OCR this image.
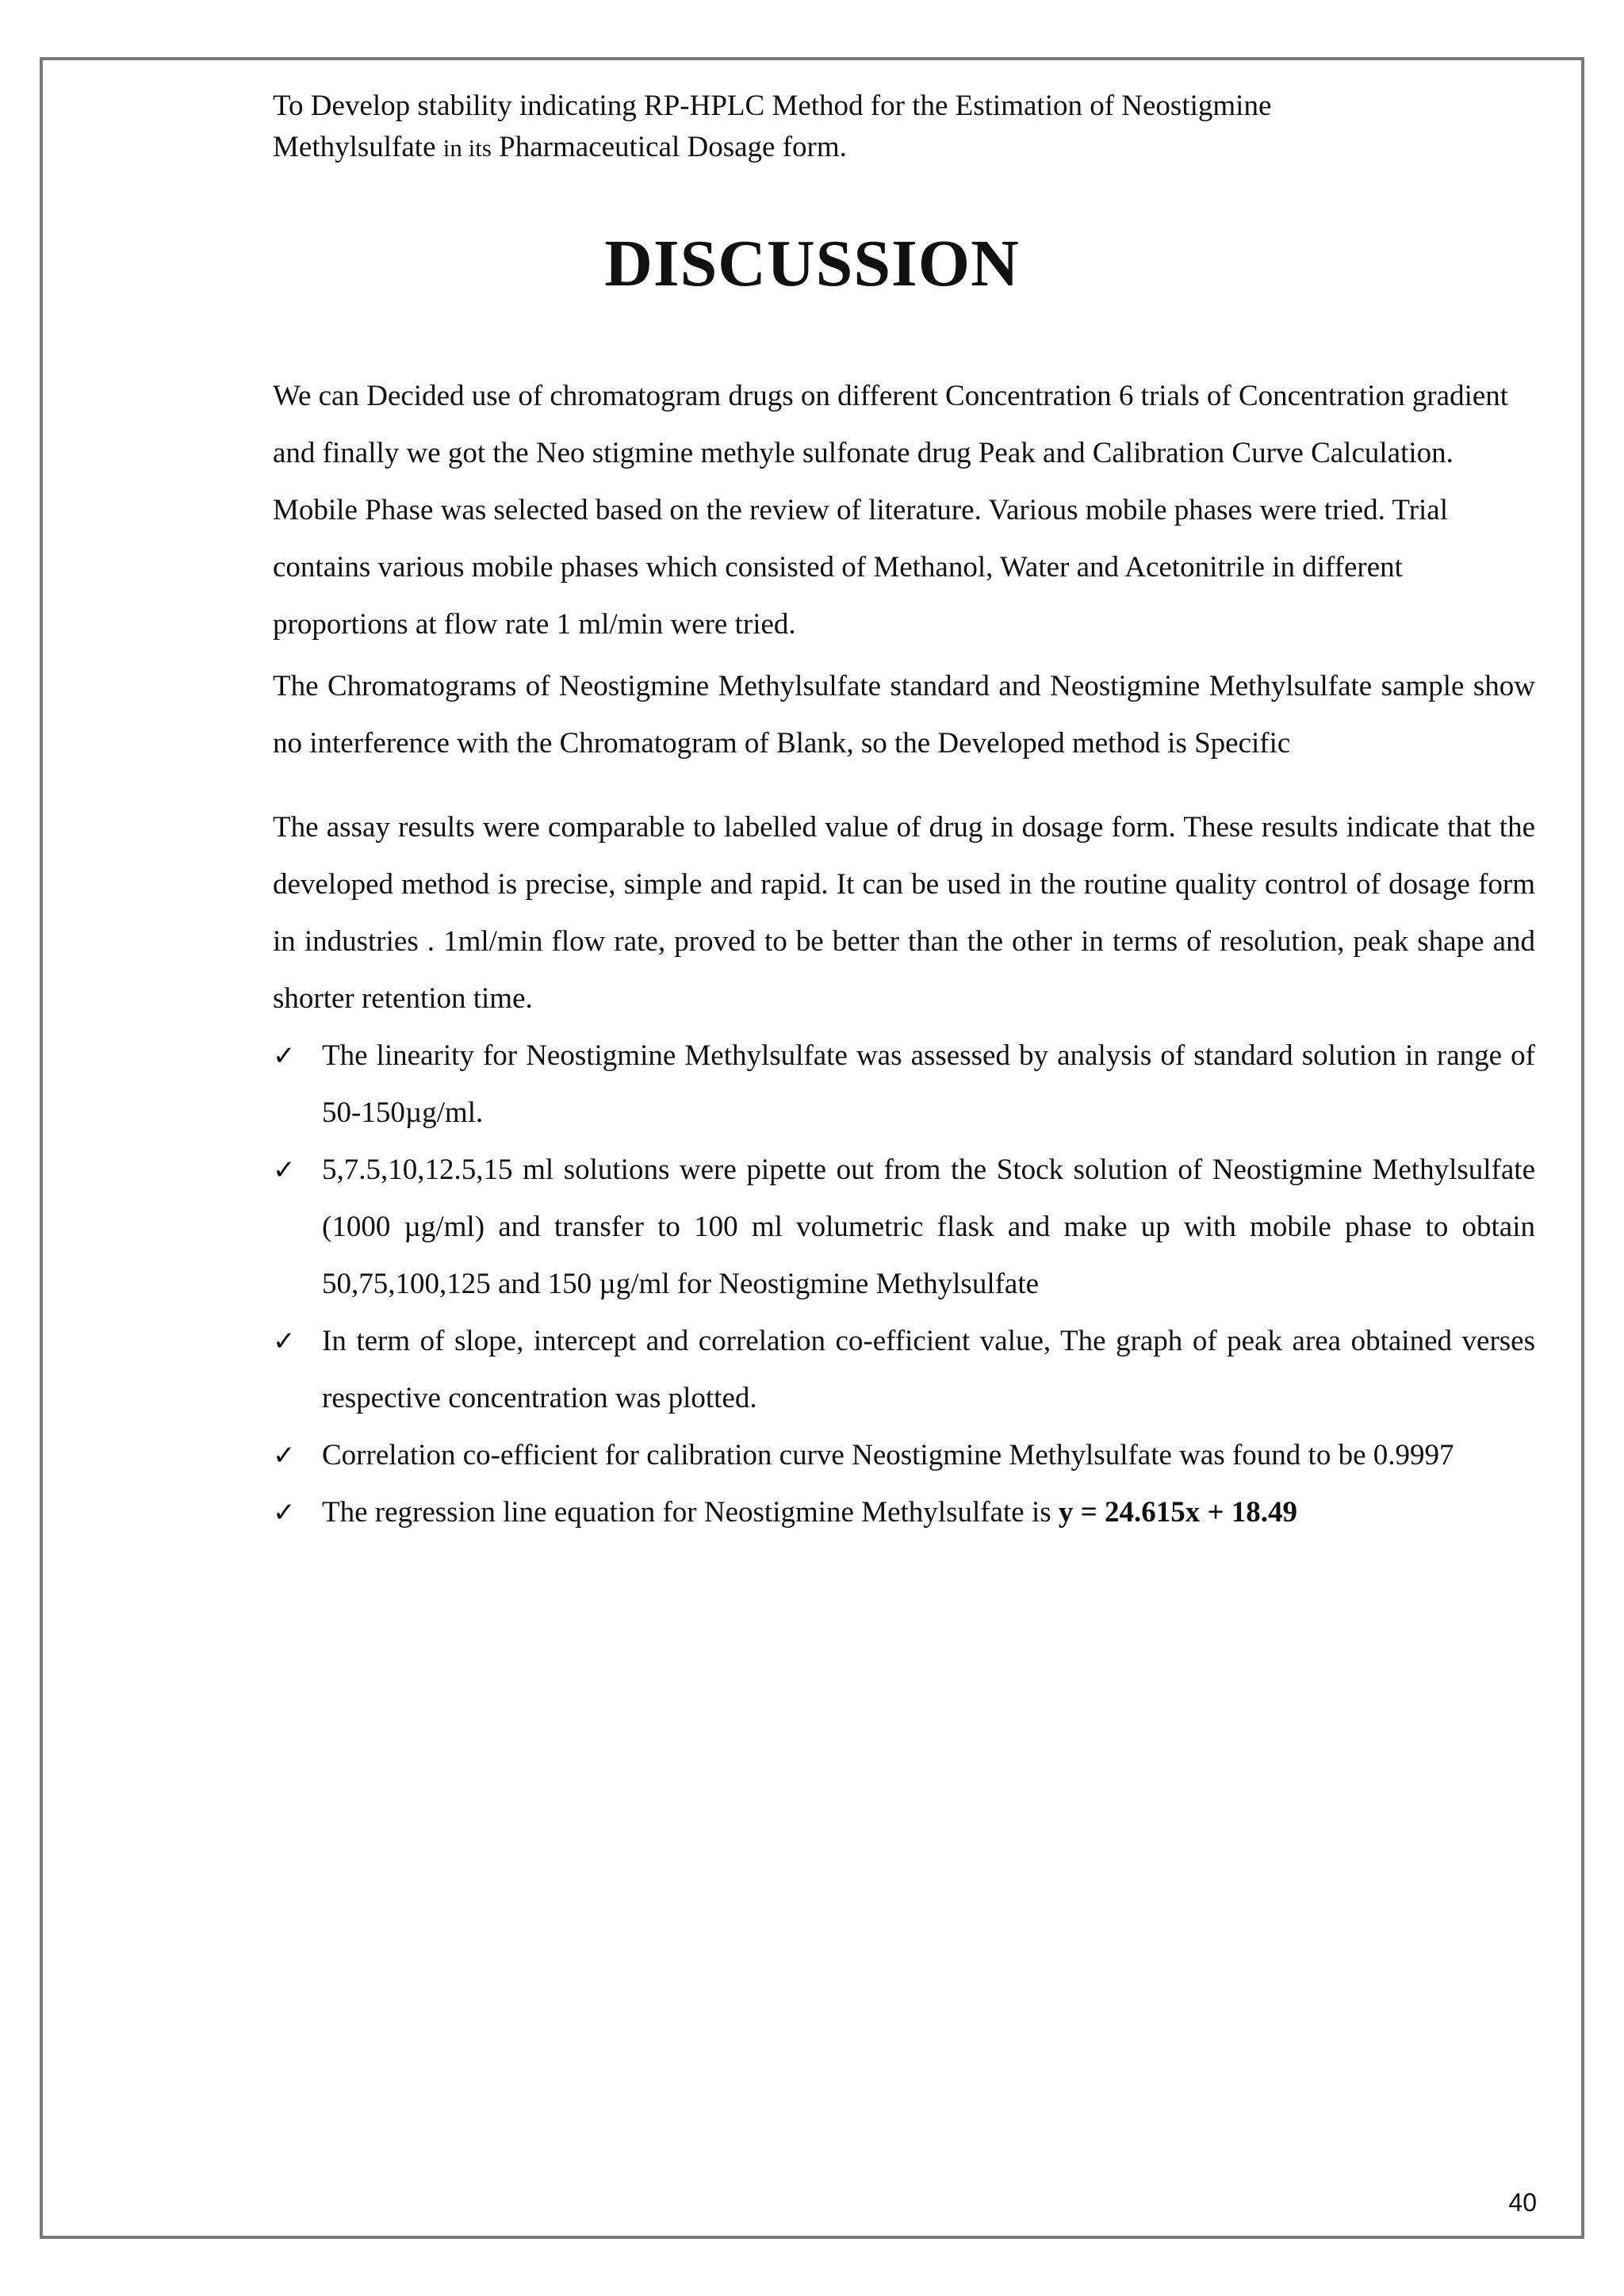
To Develop stability indicating RP-HPLC Method for the Estimation of Neostigmine
Methylsulfate in its Pharmaceutical Dosage form.
DISCUSSION

We can Decided use of chromatogram drugs on different Concentration 6 trials of Concentration gradient and finally we got the Neo stigmine methyle sulfonate drug Peak and Calibration Curve Calculation. Mobile Phase was selected based on the review of literature. Various mobile phases were tried. Trial contains various mobile phases which consisted of Methanol, Water and Acetonitrile in different proportions at flow rate 1 ml/min were tried.

The Chromatograms of Neostigmine Methylsulfate standard and Neostigmine Methylsulfate sample show no interference with the Chromatogram of Blank, so the Developed method is Specific

The assay results were comparable to labelled value of drug in dosage form. These results indicate that the developed method is precise, simple and rapid. It can be used in the routine quality control of dosage form in industries . 1ml/min flow rate, proved to be better than the other in terms of resolution, peak shape and shorter retention time.

✓ The linearity for Neostigmine Methylsulfate was assessed by analysis of standard solution in range of 50-150µg/ml.
✓ 5,7.5,10,12.5,15 ml solutions were pipette out from the Stock solution of Neostigmine Methylsulfate (1000 µg/ml) and transfer to 100 ml volumetric flask and make up with mobile phase to obtain 50,75,100,125 and 150 µg/ml for Neostigmine Methylsulfate
✓ In term of slope, intercept and correlation co-efficient value, The graph of peak area obtained verses respective concentration was plotted.
✓ Correlation co-efficient for calibration curve Neostigmine Methylsulfate was found to be 0.9997
✓ The regression line equation for Neostigmine Methylsulfate is y = 24.615x + 18.49
40
